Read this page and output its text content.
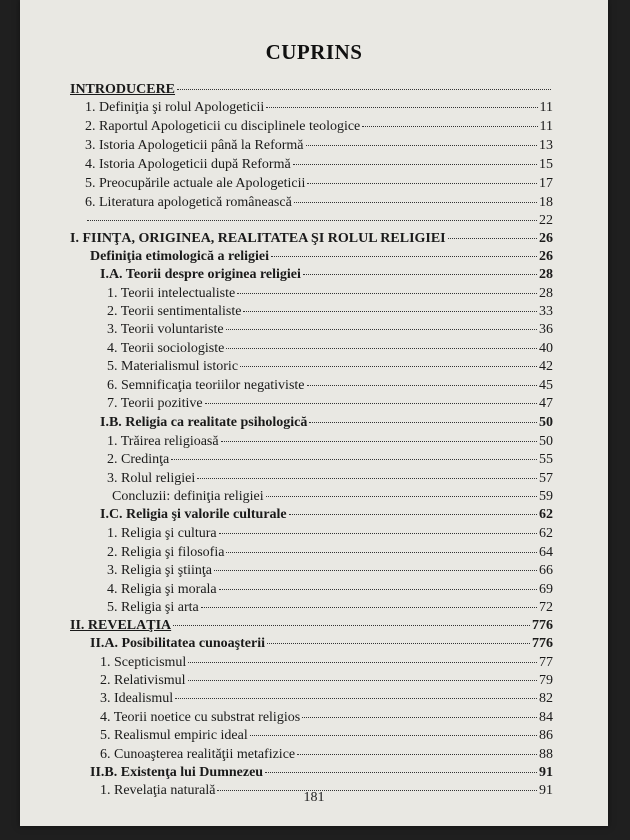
CUPRINS
INTRODUCERE
1. Definiţia şi rolul Apologeticii	11
2. Raportul Apologeticii cu disciplinele teologice	11
3. Istoria Apologeticii până la Reformă	13
4. Istoria Apologeticii după Reformă	15
5. Preocupările actuale ale Apologeticii	17
6. Literatura apologetică românească	18
22
I. FIINŢA, ORIGINEA, REALITATEA ŞI ROLUL RELIGIEI	26
Definiţia etimologică a religiei	26
I.A. Teorii despre originea religiei	28
1. Teorii intelectualiste	28
2. Teorii sentimentaliste	33
3. Teorii voluntariste	36
4. Teorii sociologiste	40
5. Materialismul istoric	42
6. Semnificaţia teoriilor negativiste	45
7. Teorii pozitive	47
I.B. Religia ca realitate psihologică	50
1. Trăirea religioasă	50
2. Credinţa	55
3. Rolul religiei	57
Concluzii: definiţia religiei	59
I.C. Religia şi valorile culturale	62
1. Religia şi cultura	62
2. Religia şi filosofia	64
3. Religia şi ştiinţa	66
4. Religia şi morala	69
5. Religia şi arta	72
II. REVELAŢIA	776
II.A. Posibilitatea cunoaşterii	776
1. Scepticismul	77
2. Relativismul	79
3. Idealismul	82
4. Teorii noetice cu substrat religios	84
5. Realismul empiric ideal	86
6. Cunoaşterea realităţii metafizice	88
II.B. Existenţa lui Dumnezeu	91
1. Revelaţia naturală	91
181
